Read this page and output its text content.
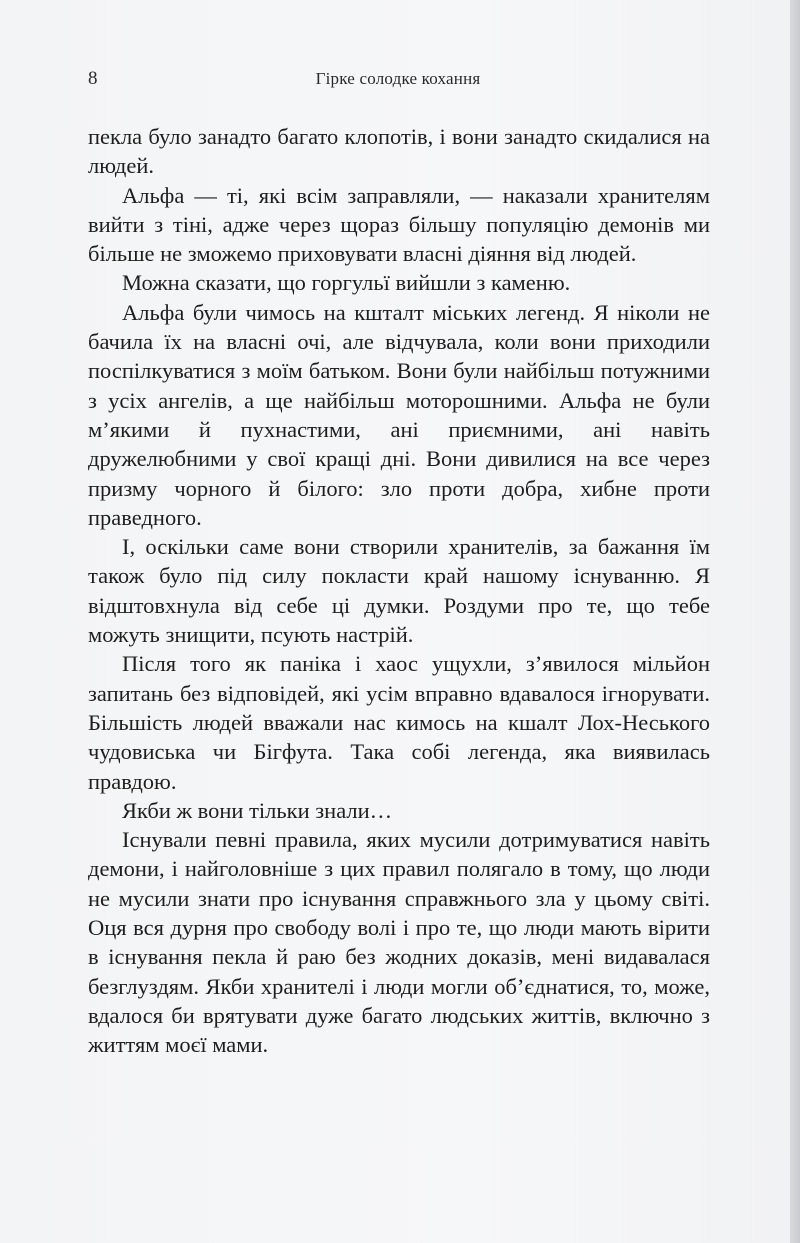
8	Гірке солодке кохання

пекла було занадто багато клопотів, і вони занадто скидалися на людей.

Альфа — ті, які всім заправляли, — наказали хранителям вийти з тіні, адже через щораз більшу популяцію демонів ми більше не зможемо приховувати власні діяння від людей.

Можна сказати, що горгульї вийшли з каменю.

Альфа були чимось на кшталт міських легенд. Я ніколи не бачила їх на власні очі, але відчувала, коли вони приходили поспілкуватися з моїм батьком. Вони були найбільш потужними з усіх ангелів, а ще найбільш моторошними. Альфа не були м’якими й пухнастими, ані приємними, ані навіть дружелюбними у свої кращі дні. Вони дивилися на все через призму чорного й білого: зло проти добра, хибне проти праведного.

І, оскільки саме вони створили хранителів, за бажання їм також було під силу покласти край нашому існуванню. Я відштовхнула від себе ці думки. Роздуми про те, що тебе можуть знищити, псують настрій.

Після того як паніка і хаос ущухли, з’явилося мільйон запитань без відповідей, які усім вправно вдавалося ігнорувати. Більшість людей вважали нас кимось на кшалт Лох-Неського чудовиська чи Бігфута. Така собі легенда, яка виявилась правдою.

Якби ж вони тільки знали…

Існували певні правила, яких мусили дотримуватися навіть демони, і найголовніше з цих правил полягало в тому, що люди не мусили знати про існування справжнього зла у цьому світі. Оця вся дурня про свободу волі і про те, що люди мають вірити в існування пекла й раю без жодних доказів, мені видавалася безглуздям. Якби хранителі і люди могли об’єднатися, то, може, вдалося би врятувати дуже багато людських життів, включно з життям моєї мами.
